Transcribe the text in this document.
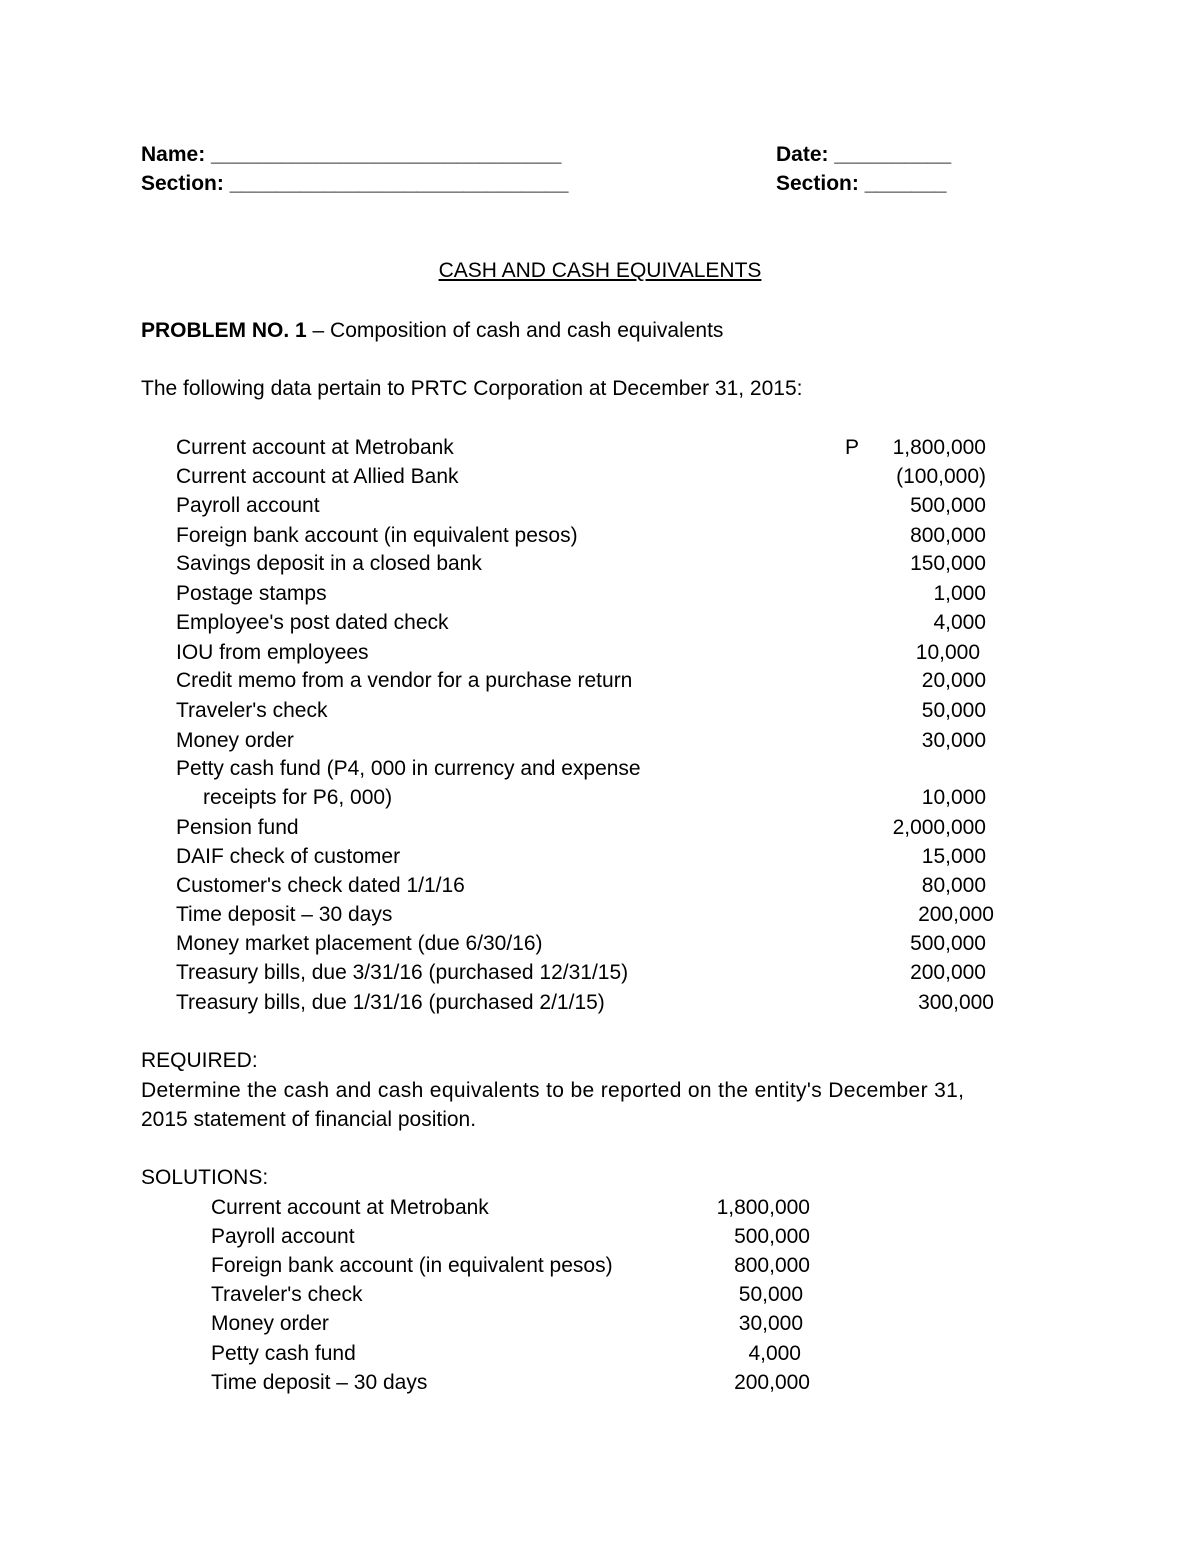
Name: ______________________________
Section: _____________________________
Date: __________
Section: _______
CASH AND CASH EQUIVALENTS
PROBLEM NO. 1 – Composition of cash and cash equivalents
The following data pertain to PRTC Corporation at December 31, 2015:
P
Current account at Metrobank	1,800,000
Current account at Allied Bank	(100,000)
Payroll account	500,000
Foreign bank account (in equivalent pesos)	800,000
Savings deposit in a closed bank	150,000
Postage stamps	1,000
Employee's post dated check	4,000
IOU from employees	10,000
Credit memo from a vendor for a purchase return	20,000
Traveler's check	50,000
Money order	30,000
Petty cash fund (P4, 000 in currency and expense
receipts for P6, 000)	10,000
Pension fund	2,000,000
DAIF check of customer	15,000
Customer's check dated 1/1/16	80,000
Time deposit – 30 days	200,000
Money market placement (due 6/30/16)	500,000
Treasury bills, due 3/31/16 (purchased 12/31/15)	200,000
Treasury bills, due 1/31/16 (purchased 2/1/15)	300,000
REQUIRED:
Determine the cash and cash equivalents to be reported on the entity's December 31,
2015 statement of financial position.
SOLUTIONS:
Current account at Metrobank	1,800,000
Payroll account	500,000
Foreign bank account (in equivalent pesos)	800,000
Traveler's check	50,000
Money order	30,000
Petty cash fund	4,000
Time deposit – 30 days	200,000
